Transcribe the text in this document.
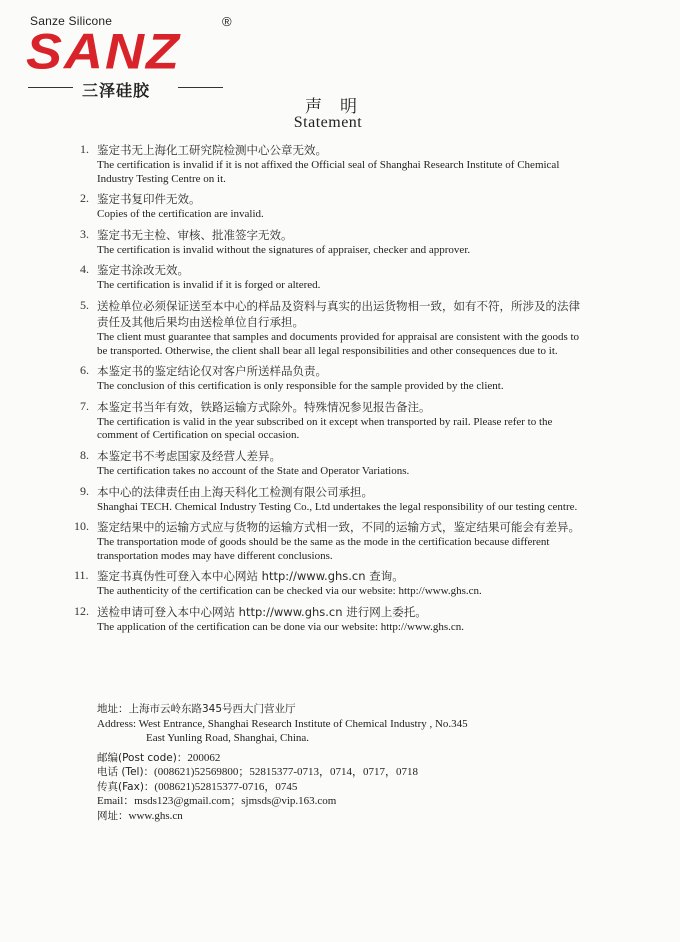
Sanze Silicone
SANZ
®
三泽硅胶
声明
Statement
1. 鉴定书无上海化工研究院检测中心公章无效。
The certification is invalid if it is not affixed the Official seal of Shanghai Research Institute of Chemical Industry Testing Centre on it.
2. 鉴定书复印件无效。
Copies of the certification are invalid.
3. 鉴定书无主检、审核、批准签字无效。
The certification is invalid without the signatures of appraiser, checker and approver.
4. 鉴定书涂改无效。
The certification is invalid if it is forged or altered.
5. 送检单位必须保证送至本中心的样品及资料与真实的出运货物相一致，如有不符，所涉及的法律责任及其他后果均由送检单位自行承担。
The client must guarantee that samples and documents provided for appraisal are consistent with the goods to be transported. Otherwise, the client shall bear all legal responsibilities and other consequences due to it.
6. 本鉴定书的鉴定结论仅对客户所送样品负责。
The conclusion of this certification is only responsible for the sample provided by the client.
7. 本鉴定书当年有效，铁路运输方式除外。特殊情况参见报告备注。
The certification is valid in the year subscribed on it except when transported by rail. Please refer to the comment of Certification on special occasion.
8. 本鉴定书不考虑国家及经营人差异。
The certification takes no account of the State and Operator Variations.
9. 本中心的法律责任由上海天科化工检测有限公司承担。
Shanghai TECH. Chemical Industry Testing Co., Ltd undertakes the legal responsibility of our testing centre.
10. 鉴定结果中的运输方式应与货物的运输方式相一致，不同的运输方式，鉴定结果可能会有差异。
The transportation mode of goods should be the same as the mode in the certification because different transportation modes may have different conclusions.
11. 鉴定书真伪性可登入本中心网站 http://www.ghs.cn 查询。
The authenticity of the certification can be checked via our website: http://www.ghs.cn.
12. 送检申请可登入本中心网站 http://www.ghs.cn 进行网上委托。
The application of the certification can be done via our website: http://www.ghs.cn.
地址：上海市云岭东路345号西大门营业厅
Address: West Entrance, Shanghai Research Institute of Chemical Industry , No.345
East Yunling Road, Shanghai, China.
邮编(Post code)：200062
电话 (Tel)：(008621)52569800；52815377-0713，0714，0717，0718
传真(Fax)：(008621)52815377-0716，0745
Email：msds123@gmail.com；sjmsds@vip.163.com
网址：www.ghs.cn
